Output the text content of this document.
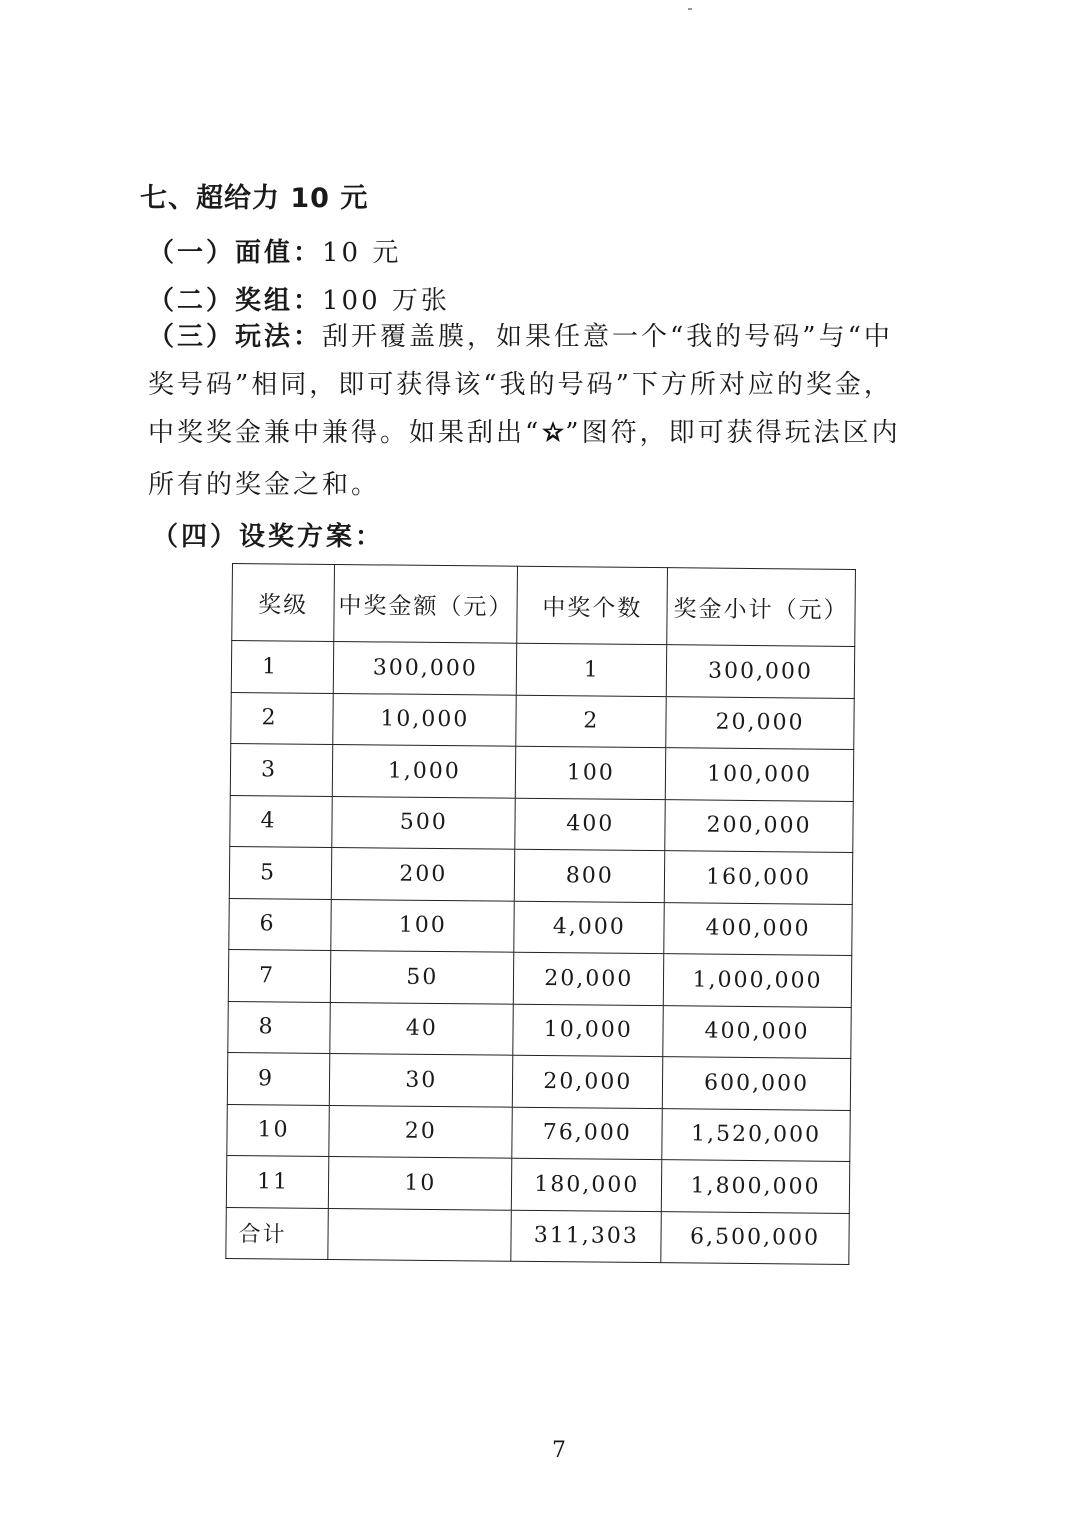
七、超给力 10 元
（一）面值：10 元
（二）奖组：100 万张
（三）玩法：刮开覆盖膜，如果任意一个“我的号码”与“中
奖号码”相同，即可获得该“我的号码”下方所对应的奖金，
中奖奖金兼中兼得。如果刮出“ ”图符，即可获得玩法区内
所有的奖金之和。
（四）设奖方案：
奖级	中奖金额（元）	中奖个数	奖金小计（元）
1	300,000	1	300,000
2	10,000	2	20,000
3	1,000	100	100,000
4	500	400	200,000
5	200	800	160,000
6	100	4,000	400,000
7	50	20,000	1,000,000
8	40	10,000	400,000
9	30	20,000	600,000
10	20	76,000	1,520,000
11	10	180,000	1,800,000
合计		311,303	6,500,000
7
